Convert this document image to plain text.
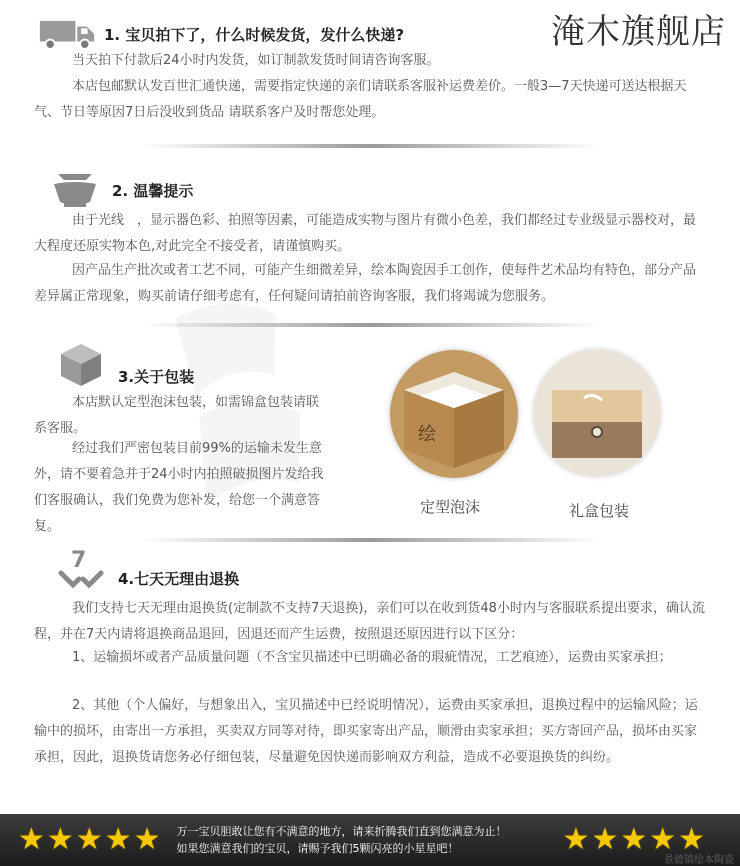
淹木旗舰店
1. 宝贝拍下了，什么时候发货，发什么快递?
当天拍下付款后24小时内发货，如订制款发货时间请咨询客服。
本店包邮默认发百世汇通快递，需要指定快递的亲们请联系客服补运费差价。一般3—7天快递可送达根据天气、节日等原因7日后没收到货品 请联系客户及时帮您处理。
2. 温馨提示
由于光线　，显示器色彩、拍照等因素，可能造成实物与图片有微小色差，我们都经过专业级显示器校对，最大程度还原实物本色,对此完全不接受者，请谨慎购买。
因产品生产批次或者工艺不同，可能产生细微差异，绘本陶瓷因手工创作，使每件艺术品均有特色，部分产品差异属正常现象，购买前请仔细考虑有，任何疑问请拍前咨询客服，我们将竭诚为您服务。
3.关于包装
本店默认定型泡沫包装，如需锦盒包装请联系客服。
经过我们严密包装目前99%的运输未发生意外，请不要着急并于24小时内拍照破损图片发给我们客服确认，我们免费为您补发，给您一个满意答复。
绘
定型泡沫	礼盒包装
7
4.七天无理由退换
我们支持七天无理由退换货(定制款不支持7天退换)，亲们可以在收到货48小时内与客服联系提出要求，确认流程，并在7天内请将退换商品退回，因退还而产生运费，按照退还原因进行以下区分：
1、运输损坏或者产品质量问题（不含宝贝描述中已明确必备的瑕疵情况，工艺痕迹），运费由买家承担；
2、其他（个人偏好，与想象出入，宝贝描述中已经说明情况），运费由买家承担，退换过程中的运输风险；运输中的损坏，由寄出一方承担，买卖双方同等对待，即买家寄出产品，顺滑由卖家承担；买方寄回产品，损坏由买家承担，因此，退换货请您务必仔细包装，尽量避免因快递而影响双方利益，造成不必要退换货的纠纷。
★ ★ ★ ★ ★ 万一宝贝胆敢让您有不满意的地方，请来折腾我们直到您满意为止！
如果您满意我们的宝贝，请赐予我们5颗闪亮的小星星吧！	★ ★ ★ ★ ★
景德镇绘本陶瓷
